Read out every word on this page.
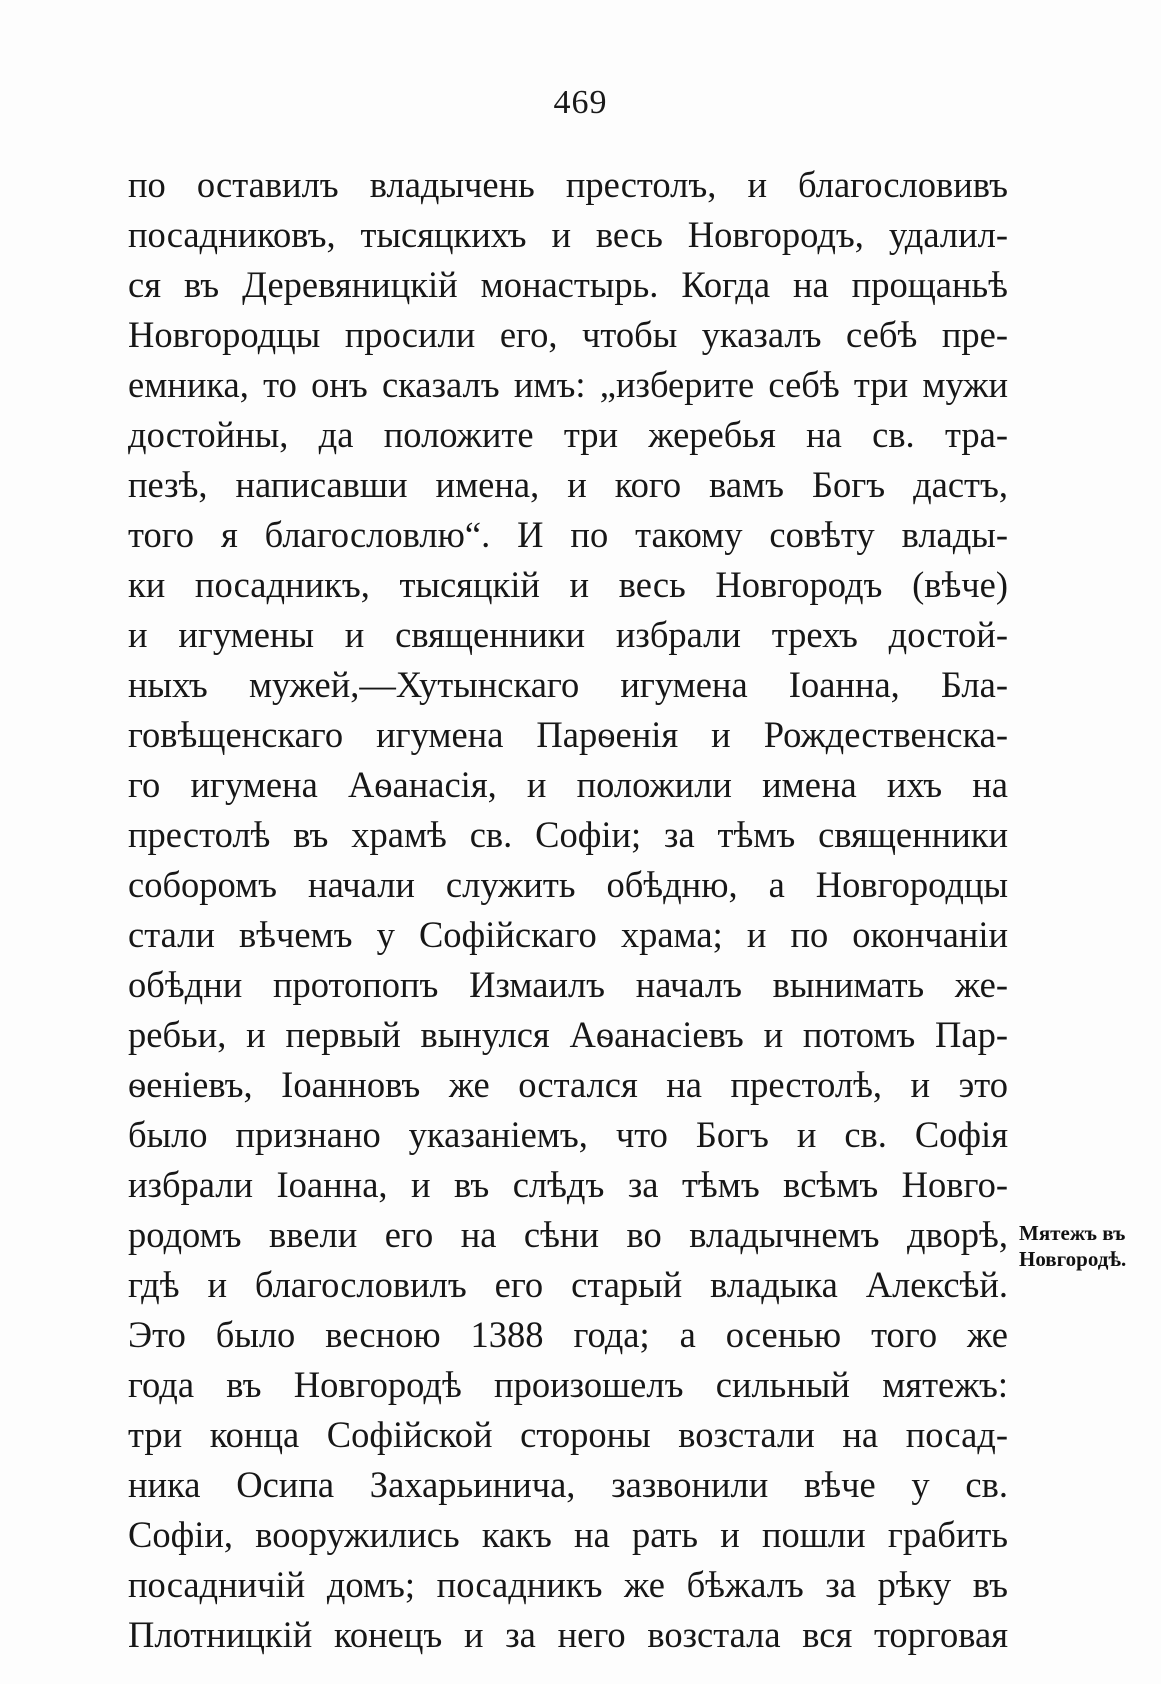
469
по оставилъ владычень престолъ, и благословивъ
посадниковъ, тысяцкихъ и весь Новгородъ, удалил-
ся въ Деревяницкій монастырь. Когда на прощаньѣ
Новгородцы просили его, чтобы указалъ себѣ пре-
емника, то онъ сказалъ имъ: „изберите себѣ три мужи
достойны, да положите три жеребья на св. тра-
пезѣ, написавши имена, и кого вамъ Богъ дастъ,
того я благословлю“. И по такому совѣту влады-
ки посадникъ, тысяцкій и весь Новгородъ (вѣче)
и игумены и священники избрали трехъ достой-
ныхъ мужей,—Хутынскаго игумена Іоанна, Бла-
говѣщенскаго игумена Парѳенія и Рождественска-
го игумена Аѳанасія, и положили имена ихъ на
престолѣ въ храмѣ св. Софіи; за тѣмъ священники
соборомъ начали служить обѣдню, а Новгородцы
стали вѣчемъ у Софійскаго храма; и по окончаніи
обѣдни протопопъ Измаилъ началъ вынимать же-
ребьи, и первый вынулся Аѳанасіевъ и потомъ Пар-
ѳеніевъ, Іоанновъ же остался на престолѣ, и это
было признано указаніемъ, что Богъ и св. Софія
избрали Іоанна, и въ слѣдъ за тѣмъ всѣмъ Новго-
родомъ ввели его на сѣни во владычнемъ дворѣ,
гдѣ и благословилъ его старый владыка Алексѣй.
Это было весною 1388 года; а осенью того же
года въ Новгородѣ произошелъ сильный мятежъ:
три конца Софійской стороны возстали на посад-
ника Осипа Захарьинича, зазвонили вѣче у св.
Софіи, вооружились какъ на рать и пошли грабить
посадничій домъ; посадникъ же бѣжалъ за рѣку въ
Плотницкій конецъ и за него возстала вся торговая
Мятежъ въ
Новгородѣ.
